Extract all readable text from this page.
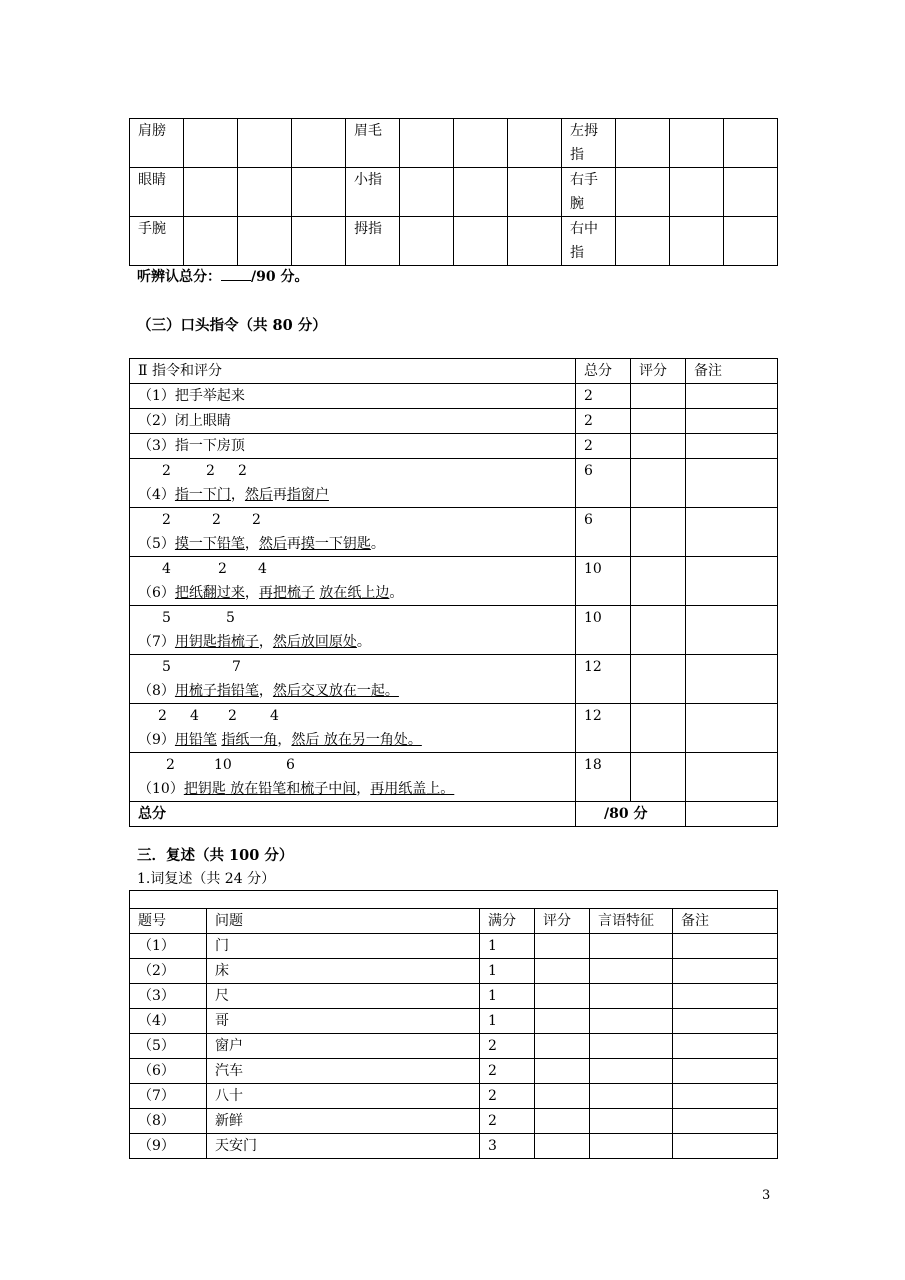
肩膀				眉毛				左拇
指			

眼睛				小指				右手
腕			

手腕				拇指				右中
指			

听辨认总分： /90 分。
（三）口头指令（共 80 分）
Ⅱ 指令和评分	总分	评分	备注
（1）把手举起来	2		
（2）闭上眼睛	2		
（3）指一下房顶	2		

2 2 2
（4）指一下门，然后再指窗户	6		

2 2 2
（5）摸一下铅笔，然后再摸一下钥匙。	6		

4 2 4
（6）把纸翻过来，再把梳子 放在纸上边。	10		

5 5
（7）用钥匙指梳子，然后放回原处。	10		

5 7
（8）用梳子指铅笔，然后交叉放在一起。	12		

2 4 2 4
（9）用铅笔 指纸一角，然后 放在另一角处。	12		

2 10 6
（10）把钥匙 放在铅笔和梳子中间，再用纸盖上。	18		
总分	/80 分		
三．复述（共 100 分）
1.词复述（共 24 分）

题号	问题	满分	评分	言语特征	备注
（1）	门	1			
（2）	床	1			
（3）	尺	1			
（4）	哥	1			
（5）	窗户	2			
（6）	汽车	2			
（7）	八十	2			
（8）	新鲜	2			
（9）	天安门	3			
3
